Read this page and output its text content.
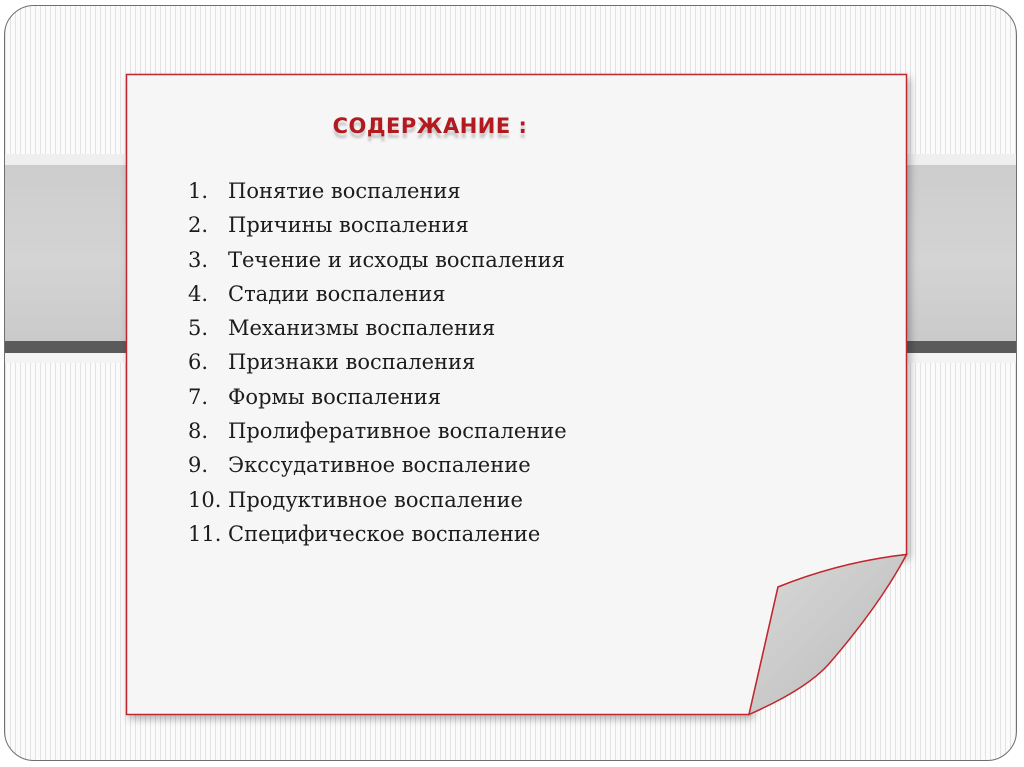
СОДЕРЖАНИЕ :
1. Понятие воспаления
2. Причины воспаления
3. Течение и исходы воспаления
4. Стадии воспаления
5. Механизмы воспаления
6. Признаки воспаления
7. Формы воспаления
8. Пролиферативное воспаление
9. Экссудативное воспаление
10. Продуктивное воспаление
11. Специфическое воспаление
